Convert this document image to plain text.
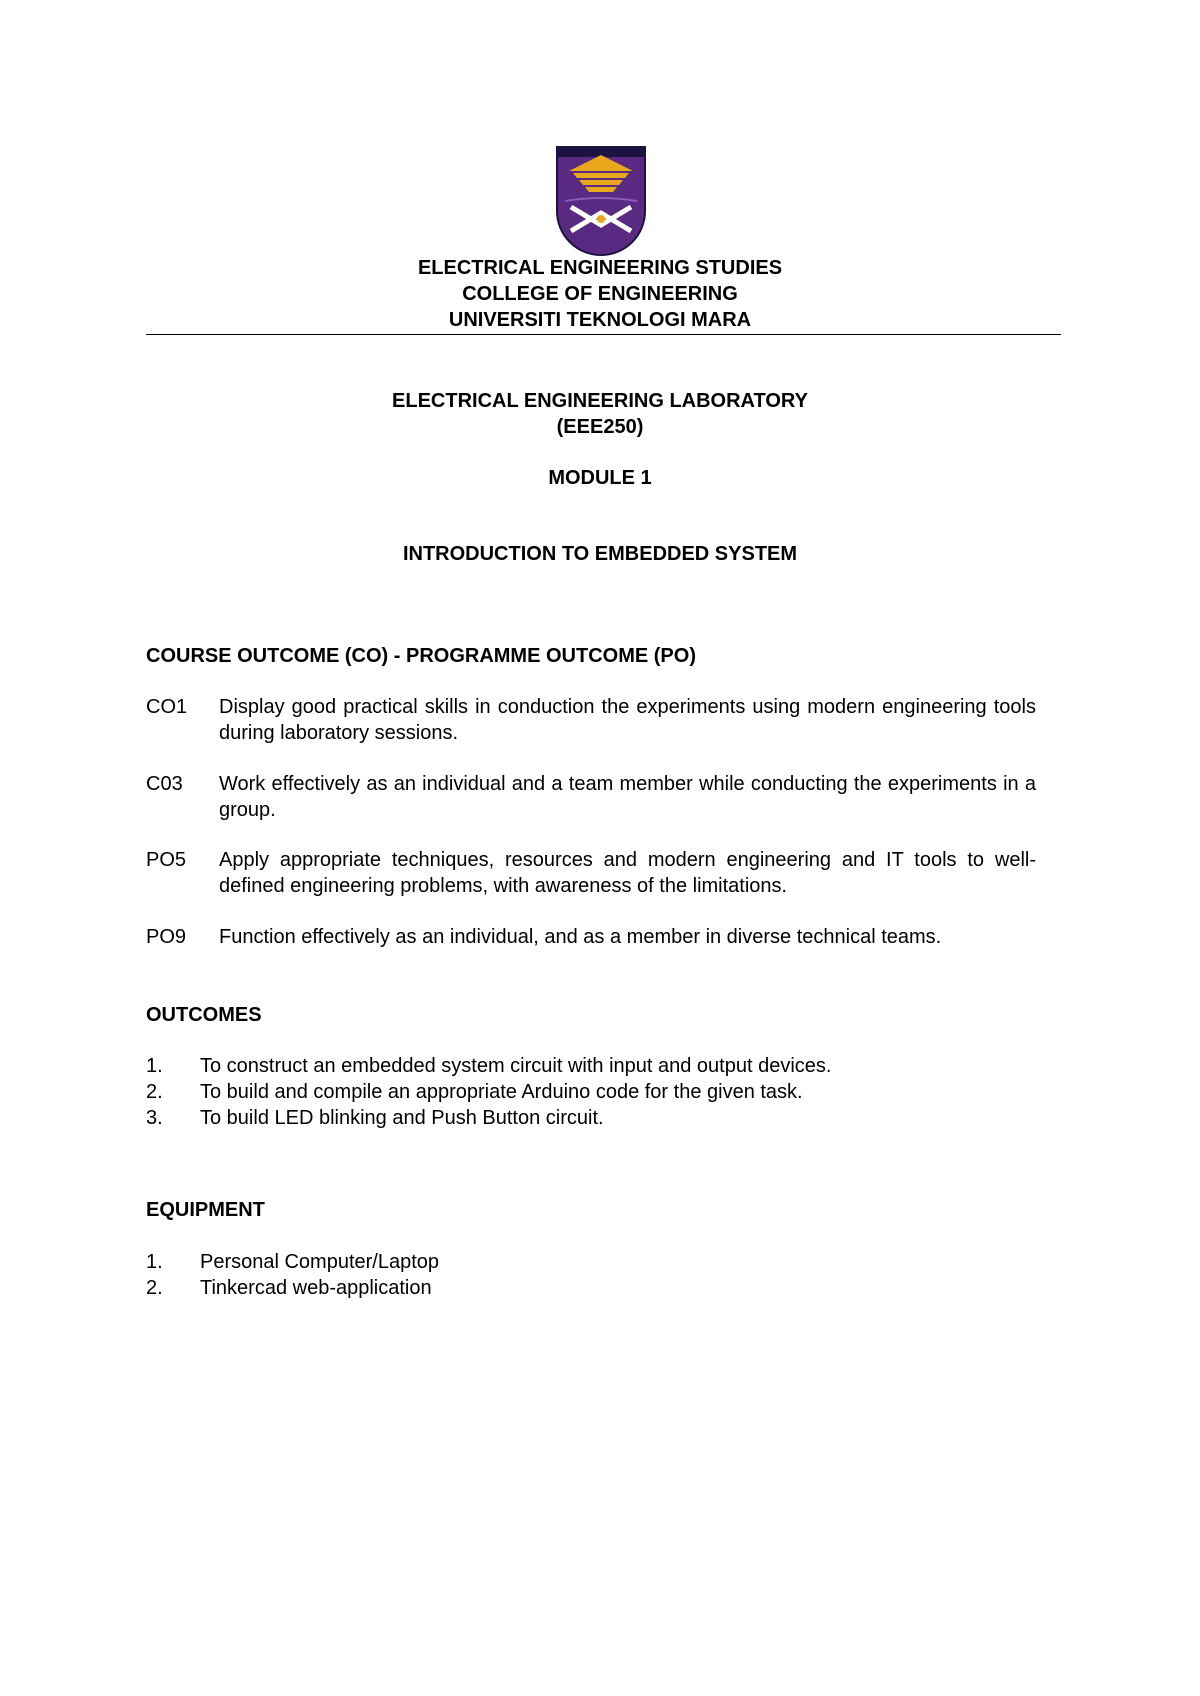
ELECTRICAL ENGINEERING STUDIES
COLLEGE OF ENGINEERING
UNIVERSITI TEKNOLOGI MARA
ELECTRICAL ENGINEERING LABORATORY
(EEE250)
MODULE 1
INTRODUCTION TO EMBEDDED SYSTEM
COURSE OUTCOME (CO) - PROGRAMME OUTCOME (PO)
CO1	Display good practical skills in conduction the experiments using modern engineering tools during laboratory sessions.
C03	Work effectively as an individual and a team member while conducting the experiments in a group.
PO5	Apply appropriate techniques, resources and modern engineering and IT tools to well-defined engineering problems, with awareness of the limitations.
PO9	Function effectively as an individual, and as a member in diverse technical teams.
OUTCOMES
1.	To construct an embedded system circuit with input and output devices.
2.	To build and compile an appropriate Arduino code for the given task.
3.	To build LED blinking and Push Button circuit.
EQUIPMENT
1.	Personal Computer/Laptop
2.	Tinkercad web-application
